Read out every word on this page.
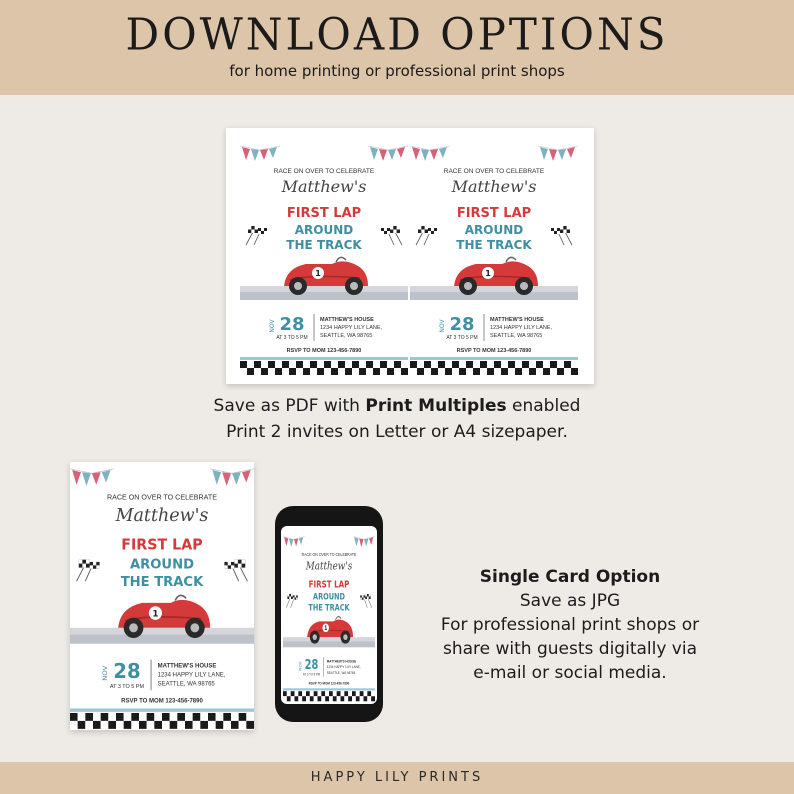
DOWNLOAD OPTIONS
for home printing or professional print shops
RACE ON OVER TO CELEBRATE
Matthew's
FIRST LAP
AROUND
THE TRACK
1
NOV 28
AT 3 TO 5 PM
MATTHEW'S HOUSE
1234 HAPPY LILY LANE,
SEATTLE, WA 98765
RSVP TO MOM 123-456-7890
RACE ON OVER TO CELEBRATE
Matthew's
FIRST LAP
AROUND
THE TRACK
1
NOV 28
AT 3 TO 5 PM
MATTHEW'S HOUSE
1234 HAPPY LILY LANE,
SEATTLE, WA 98765
RSVP TO MOM 123-456-7890
Save as PDF with Print Multiples enabled
Print 2 invites on Letter or A4 sizepaper.
RACE ON OVER TO CELEBRATE
Matthew's
FIRST LAP
AROUND
THE TRACK
1
NOV 28
AT 3 TO 5 PM
MATTHEW'S HOUSE
1234 HAPPY LILY LANE,
SEATTLE, WA 98765
RSVP TO MOM 123-456-7890
RACE ON OVER TO CELEBRATE
Matthew's
FIRST LAP
AROUND
THE TRACK
1
NOV 28
AT 3 TO 5 PM
MATTHEW'S HOUSE
1234 HAPPY LILY LANE,
SEATTLE, WA 98765
RSVP TO MOM 123-456-7890
Single Card Option
Save as JPG
For professional print shops or
share with guests digitally via
e-mail or social media.
HAPPY LILY PRINTS
